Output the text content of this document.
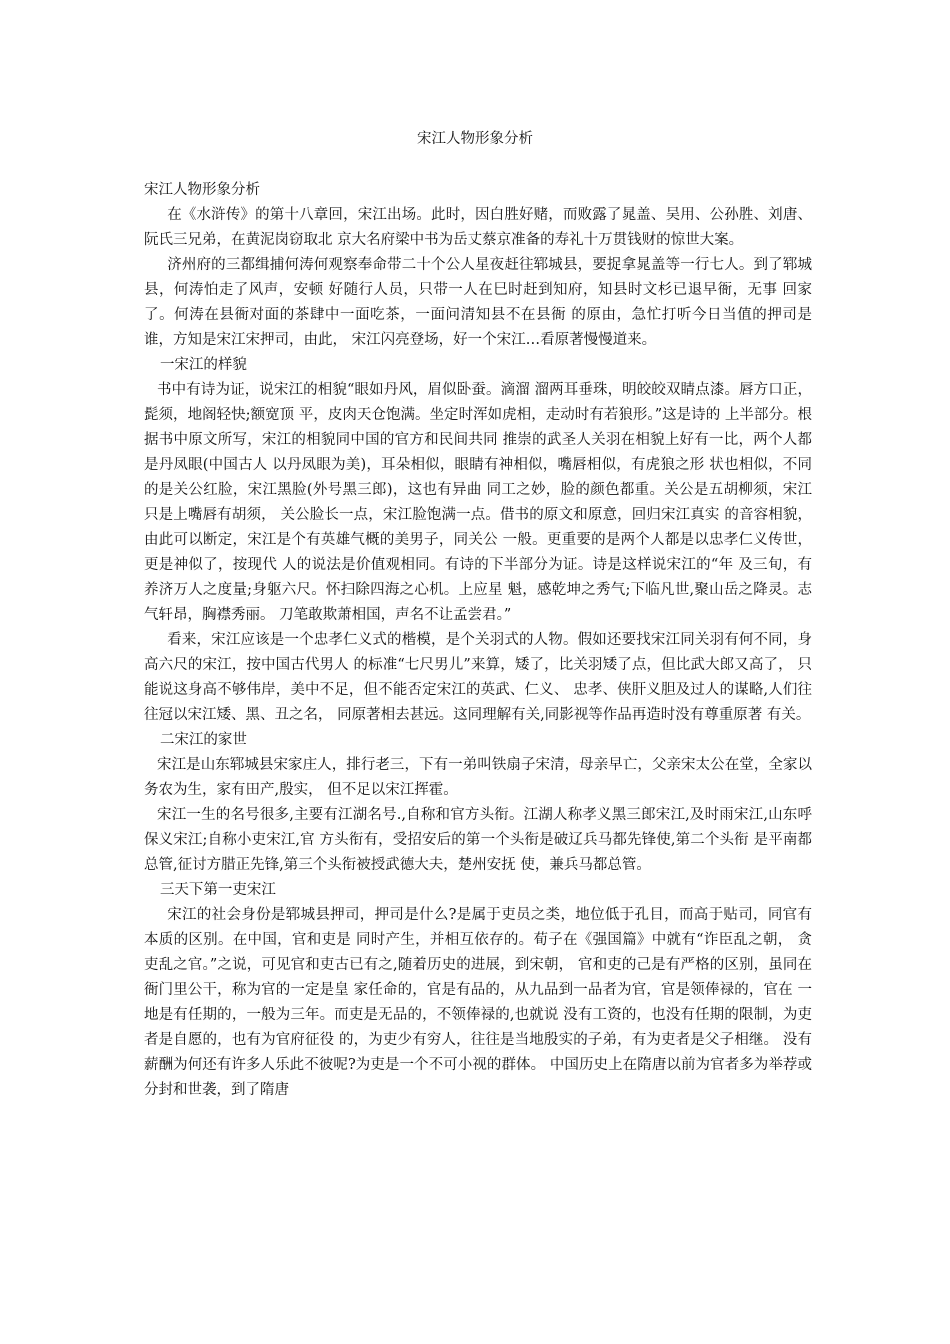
宋江人物形象分析

宋江人物形象分析

在《水浒传》的第十八章回，宋江出场。此时，因白胜好赌，而败露了晁盖、吴用、公孙胜、刘唐、阮氏三兄弟，在黄泥岗窃取北 京大名府梁中书为岳丈蔡京准备的寿礼十万贯钱财的惊世大案。

济州府的三都缉捕何涛何观察奉命带二十个公人星夜赶往郓城县，要捉拿晁盖等一行七人。到了郓城县，何涛怕走了风声，安顿 好随行人员，只带一人在巳时赶到知府，知县时文杉已退早衙，无事 回家了。何涛在县衙对面的茶肆中一面吃茶，一面问清知县不在县衙 的原由，急忙打听今日当值的押司是谁，方知是宋江宋押司，由此， 宋江闪亮登场，好一个宋江…看原著慢慢道来。

一宋江的样貌

书中有诗为证，说宋江的相貌“眼如丹风，眉似卧蚕。滴溜 溜两耳垂珠，明皎皎双睛点漆。唇方口正，髭须，地阁轻快;额宽顶 平，皮肉天仓饱满。坐定时浑如虎相，走动时有若狼形。”这是诗的 上半部分。根据书中原文所写，宋江的相貌同中国的官方和民间共同 推崇的武圣人关羽在相貌上好有一比，两个人都是丹凤眼(中国古人 以丹凤眼为美)，耳朵相似，眼睛有神相似，嘴唇相似，有虎狼之形 状也相似，不同的是关公红脸，宋江黑脸(外号黑三郎)，这也有异曲 同工之妙，脸的颜色都重。关公是五胡柳须，宋江只是上嘴唇有胡须， 关公脸长一点，宋江脸饱满一点。借书的原文和原意，回归宋江真实 的音容相貌，由此可以断定，宋江是个有英雄气概的美男子，同关公 一般。更重要的是两个人都是以忠孝仁义传世，更是神似了，按现代 人的说法是价值观相同。有诗的下半部分为证。诗是这样说宋江的“年 及三旬，有养济万人之度量;身躯六尺。怀扫除四海之心机。上应星 魁，感乾坤之秀气;下临凡世,聚山岳之降灵。志气轩昂，胸襟秀丽。 刀笔敢欺萧相国，声名不让孟尝君。”

看来，宋江应该是一个忠孝仁义式的楷模，是个关羽式的人物。假如还要找宋江同关羽有何不同，身高六尺的宋江，按中国古代男人 的标准“七尺男儿”来算，矮了，比关羽矮了点，但比武大郎又高了， 只能说这身高不够伟岸，美中不足，但不能否定宋江的英武、仁义、 忠孝、侠肝义胆及过人的谋略,人们往往冠以宋江矮、黑、丑之名， 同原著相去甚远。这同理解有关,同影视等作品再造时没有尊重原著 有关。

二宋江的家世

宋江是山东郓城县宋家庄人，排行老三，下有一弟叫铁扇子宋清，母亲早亡，父亲宋太公在堂，全家以务农为生，家有田产,殷实， 但不足以宋江挥霍。

宋江一生的名号很多,主要有江湖名号.,自称和官方头衔。江湖人称孝义黑三郎宋江,及时雨宋江,山东呼保义宋江;自称小吏宋江,官 方头衔有，受招安后的第一个头衔是破辽兵马都先锋使,第二个头衔 是平南都总管,征讨方腊正先锋,第三个头衔被授武德大夫，楚州安抚 使，兼兵马都总管。

三天下第一吏宋江

宋江的社会身份是郓城县押司，押司是什么?是属于吏员之类，地位低于孔目，而高于贴司，同官有本质的区别。在中国，官和吏是 同时产生，并相互依存的。荀子在《强国篇》中就有“诈臣乱之朝， 贪吏乱之官。”之说，可见官和吏古已有之,随着历史的进展，到宋朝， 官和吏的己是有严格的区别，虽同在衙门里公干，称为官的一定是皇 家任命的，官是有品的，从九品到一品者为官，官是领俸禄的，官在 一地是有任期的，一般为三年。而吏是无品的，不领俸禄的,也就说 没有工资的，也没有任期的限制，为吏者是自愿的，也有为官府征役 的，为吏少有穷人，往往是当地殷实的子弟，有为吏者是父子相继。 没有薪酬为何还有许多人乐此不彼呢?为吏是一个不可小视的群体。 中国历史上在隋唐以前为官者多为举荐或分封和世袭，到了隋唐
